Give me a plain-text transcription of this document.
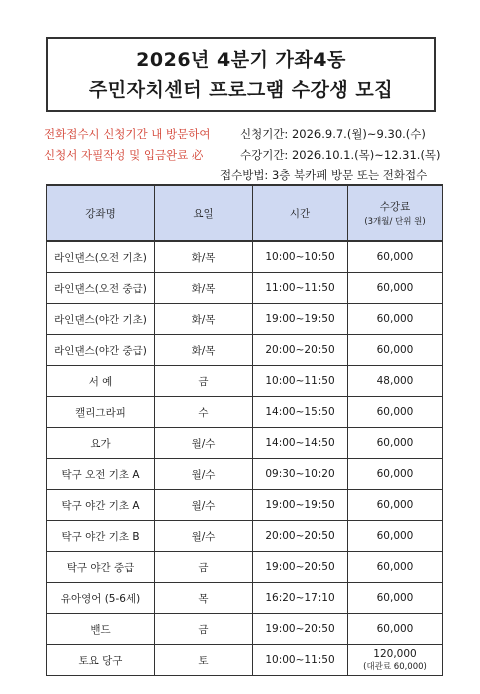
2026년 4분기 가좌4동
주민자치센터 프로그램 수강생 모집
전화접수시 신청기간 내 방문하여	신청기간: 2026.9.7.(월)~9.30.(수)
신청서 자필작성 및 입금완료 必	수강기간: 2026.10.1.(목)~12.31.(목)
접수방법: 3층 북카페 방문 또는 전화접수
강좌명	요일	시간	수강료
(3개월/ 단위 원)

라인댄스(오전 기초)	화/목	10:00~10:50	60,000
라인댄스(오전 중급)	화/목	11:00~11:50	60,000
라인댄스(야간 기초)	화/목	19:00~19:50	60,000
라인댄스(야간 중급)	화/목	20:00~20:50	60,000
서 예	금	10:00~11:50	48,000
캘리그라피	수	14:00~15:50	60,000
요가	월/수	14:00~14:50	60,000
탁구 오전 기초 A	월/수	09:30~10:20	60,000
탁구 야간 기초 A	월/수	19:00~19:50	60,000
탁구 야간 기초 B	월/수	20:00~20:50	60,000
탁구 야간 중급	금	19:00~20:50	60,000
유아영어 (5-6세)	목	16:20~17:10	60,000
밴드	금	19:00~20:50	60,000
토요 당구	토	10:00~11:50	120,000
(대관료 60,000)
